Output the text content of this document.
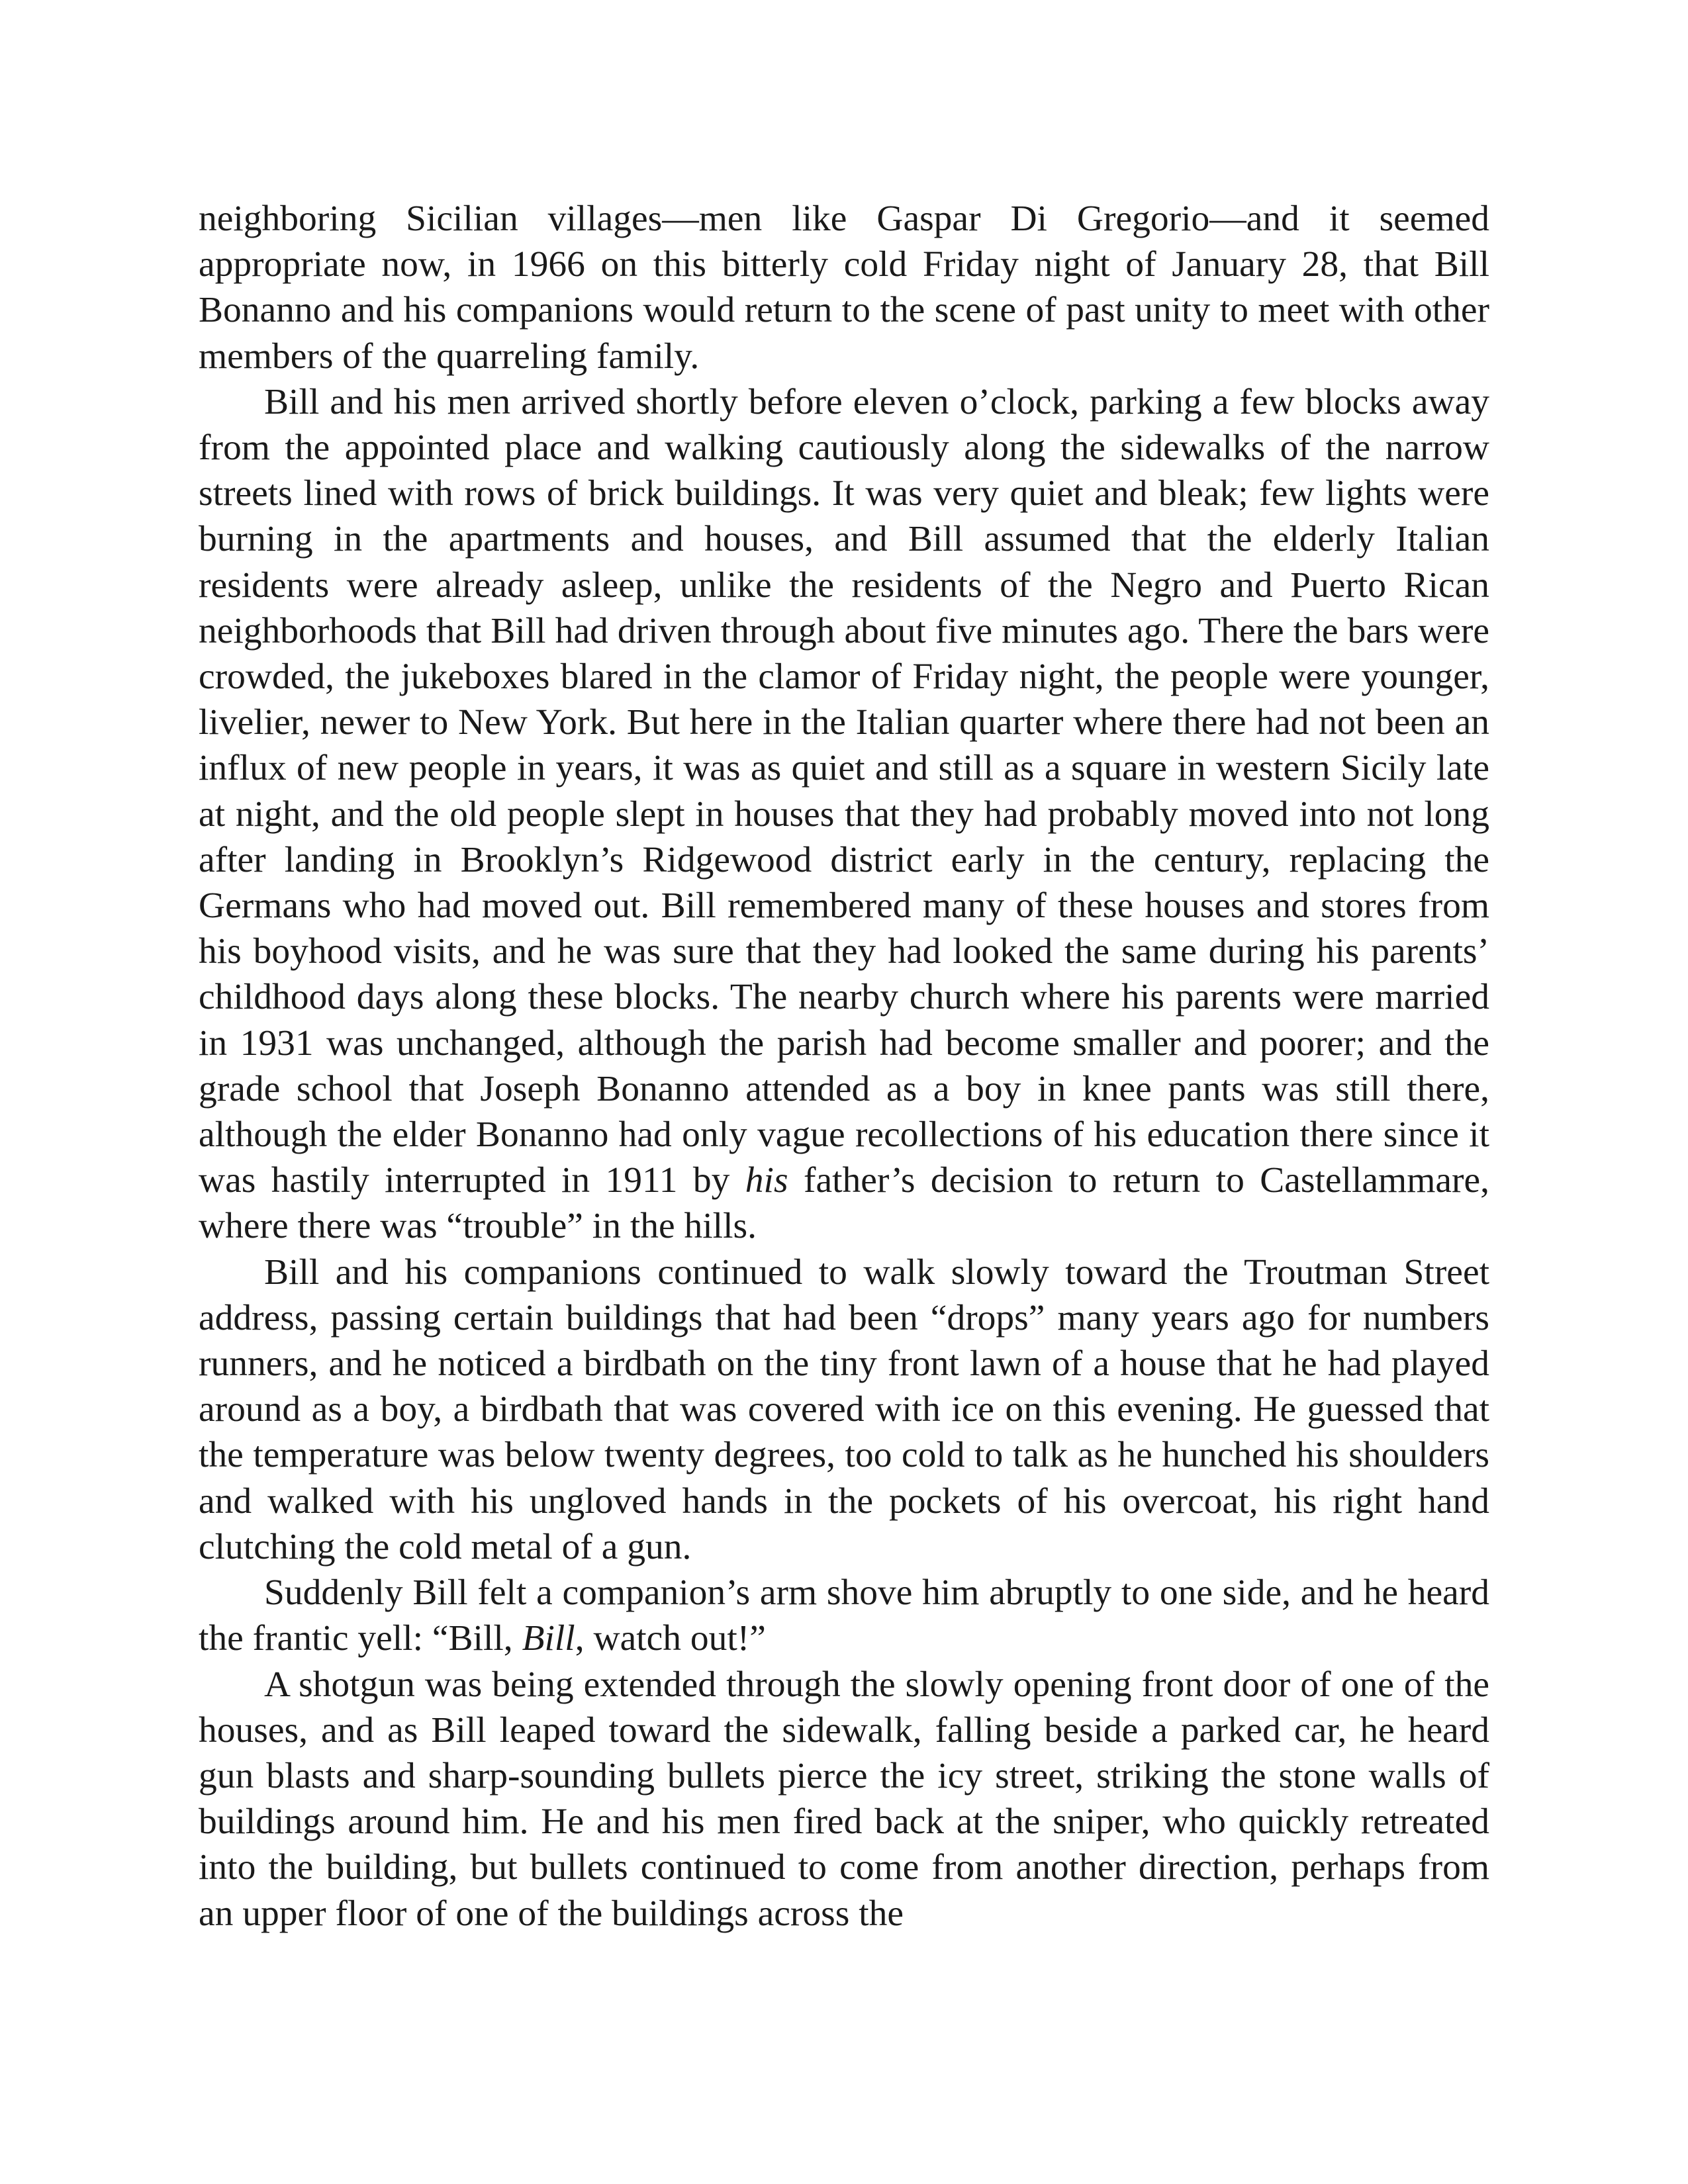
neighboring Sicilian villages—men like Gaspar Di Gregorio—and it seemed appropriate now, in 1966 on this bitterly cold Friday night of January 28, that Bill Bonanno and his companions would return to the scene of past unity to meet with other members of the quarreling family.

Bill and his men arrived shortly before eleven o’clock, parking a few blocks away from the appointed place and walking cautiously along the sidewalks of the narrow streets lined with rows of brick buildings. It was very quiet and bleak; few lights were burning in the apartments and houses, and Bill assumed that the elderly Italian residents were already asleep, unlike the residents of the Negro and Puerto Rican neighborhoods that Bill had driven through about five minutes ago. There the bars were crowded, the jukeboxes blared in the clamor of Friday night, the people were younger, livelier, newer to New York. But here in the Italian quarter where there had not been an influx of new people in years, it was as quiet and still as a square in western Sicily late at night, and the old people slept in houses that they had probably moved into not long after landing in Brooklyn’s Ridgewood district early in the century, replacing the Germans who had moved out. Bill remembered many of these houses and stores from his boyhood visits, and he was sure that they had looked the same during his parents’ childhood days along these blocks. The nearby church where his parents were married in 1931 was unchanged, although the parish had become smaller and poorer; and the grade school that Joseph Bonanno attended as a boy in knee pants was still there, although the elder Bonanno had only vague recollections of his education there since it was hastily interrupted in 1911 by his father’s decision to return to Castellammare, where there was “trouble” in the hills.

Bill and his companions continued to walk slowly toward the Troutman Street address, passing certain buildings that had been “drops” many years ago for numbers runners, and he noticed a birdbath on the tiny front lawn of a house that he had played around as a boy, a birdbath that was covered with ice on this evening. He guessed that the temperature was below twenty degrees, too cold to talk as he hunched his shoulders and walked with his ungloved hands in the pockets of his overcoat, his right hand clutching the cold metal of a gun.

Suddenly Bill felt a companion’s arm shove him abruptly to one side, and he heard the frantic yell: “Bill, Bill, watch out!”

A shotgun was being extended through the slowly opening front door of one of the houses, and as Bill leaped toward the sidewalk, falling beside a parked car, he heard gun blasts and sharp-sounding bullets pierce the icy street, striking the stone walls of buildings around him. He and his men fired back at the sniper, who quickly retreated into the building, but bullets continued to come from another direction, perhaps from an upper floor of one of the buildings across the
